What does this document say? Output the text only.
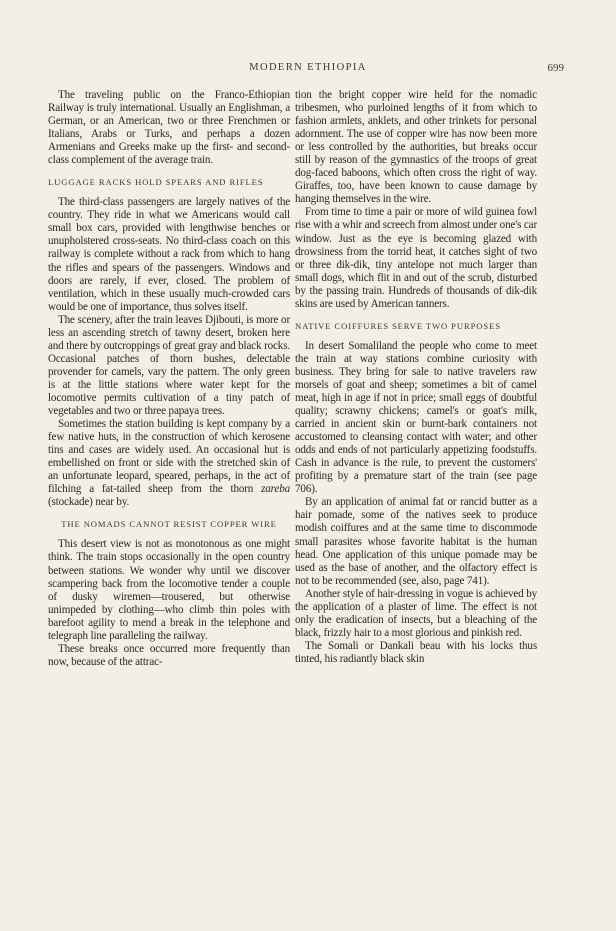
MODERN ETHIOPIA	699

The traveling public on the Franco-Ethiopian Railway is truly international. Usually an Englishman, a German, or an American, two or three Frenchmen or Italians, Arabs or Turks, and perhaps a dozen Armenians and Greeks make up the first- and second-class complement of the average train.

LUGGAGE RACKS HOLD SPEARS AND RIFLES

The third-class passengers are largely natives of the country. They ride in what we Americans would call small box cars, provided with lengthwise benches or unupholstered cross-seats. No third-class coach on this railway is complete without a rack from which to hang the rifles and spears of the passengers. Windows and doors are rarely, if ever, closed. The problem of ventilation, which in these usually much-crowded cars would be one of importance, thus solves itself.

The scenery, after the train leaves Djibouti, is more or less an ascending stretch of tawny desert, broken here and there by outcroppings of great gray and black rocks. Occasional patches of thorn bushes, delectable provender for camels, vary the pattern. The only green is at the little stations where water kept for the locomotive permits cultivation of a tiny patch of vegetables and two or three papaya trees.

Sometimes the station building is kept company by a few native huts, in the construction of which kerosene tins and cases are widely used. An occasional hut is embellished on front or side with the stretched skin of an unfortunate leopard, speared, perhaps, in the act of filching a fat-tailed sheep from the thorn zareba (stockade) near by.

THE NOMADS CANNOT RESIST COPPER WIRE

This desert view is not as monotonous as one might think. The train stops occasionally in the open country between stations. We wonder why until we discover scampering back from the locomotive tender a couple of dusky wiremen—trousered, but otherwise unimpeded by clothing—who climb thin poles with barefoot agility to mend a break in the telephone and telegraph line paralleling the railway.

These breaks once occurred more frequently than now, because of the attrac-

tion the bright copper wire held for the nomadic tribesmen, who purloined lengths of it from which to fashion armlets, anklets, and other trinkets for personal adornment. The use of copper wire has now been more or less controlled by the authorities, but breaks occur still by reason of the gymnastics of the troops of great dog-faced baboons, which often cross the right of way. Giraffes, too, have been known to cause damage by hanging themselves in the wire.

From time to time a pair or more of wild guinea fowl rise with a whir and screech from almost under one's car window. Just as the eye is becoming glazed with drowsiness from the torrid heat, it catches sight of two or three dik-dik, tiny antelope not much larger than small dogs, which flit in and out of the scrub, disturbed by the passing train. Hundreds of thousands of dik-dik skins are used by American tanners.

NATIVE COIFFURES SERVE TWO PURPOSES

In desert Somaliland the people who come to meet the train at way stations combine curiosity with business. They bring for sale to native travelers raw morsels of goat and sheep; sometimes a bit of camel meat, high in age if not in price; small eggs of doubtful quality; scrawny chickens; camel's or goat's milk, carried in ancient skin or burnt-bark containers not accustomed to cleansing contact with water; and other odds and ends of not particularly appetizing foodstuffs. Cash in advance is the rule, to prevent the customers' profiting by a premature start of the train (see page 706).

By an application of animal fat or rancid butter as a hair pomade, some of the natives seek to produce modish coiffures and at the same time to discommode small parasites whose favorite habitat is the human head. One application of this unique pomade may be used as the base of another, and the olfactory effect is not to be recommended (see, also, page 741).

Another style of hair-dressing in vogue is achieved by the application of a plaster of lime. The effect is not only the eradication of insects, but a bleaching of the black, frizzly hair to a most glorious and pinkish red.

The Somali or Dankali beau with his locks thus tinted, his radiantly black skin
